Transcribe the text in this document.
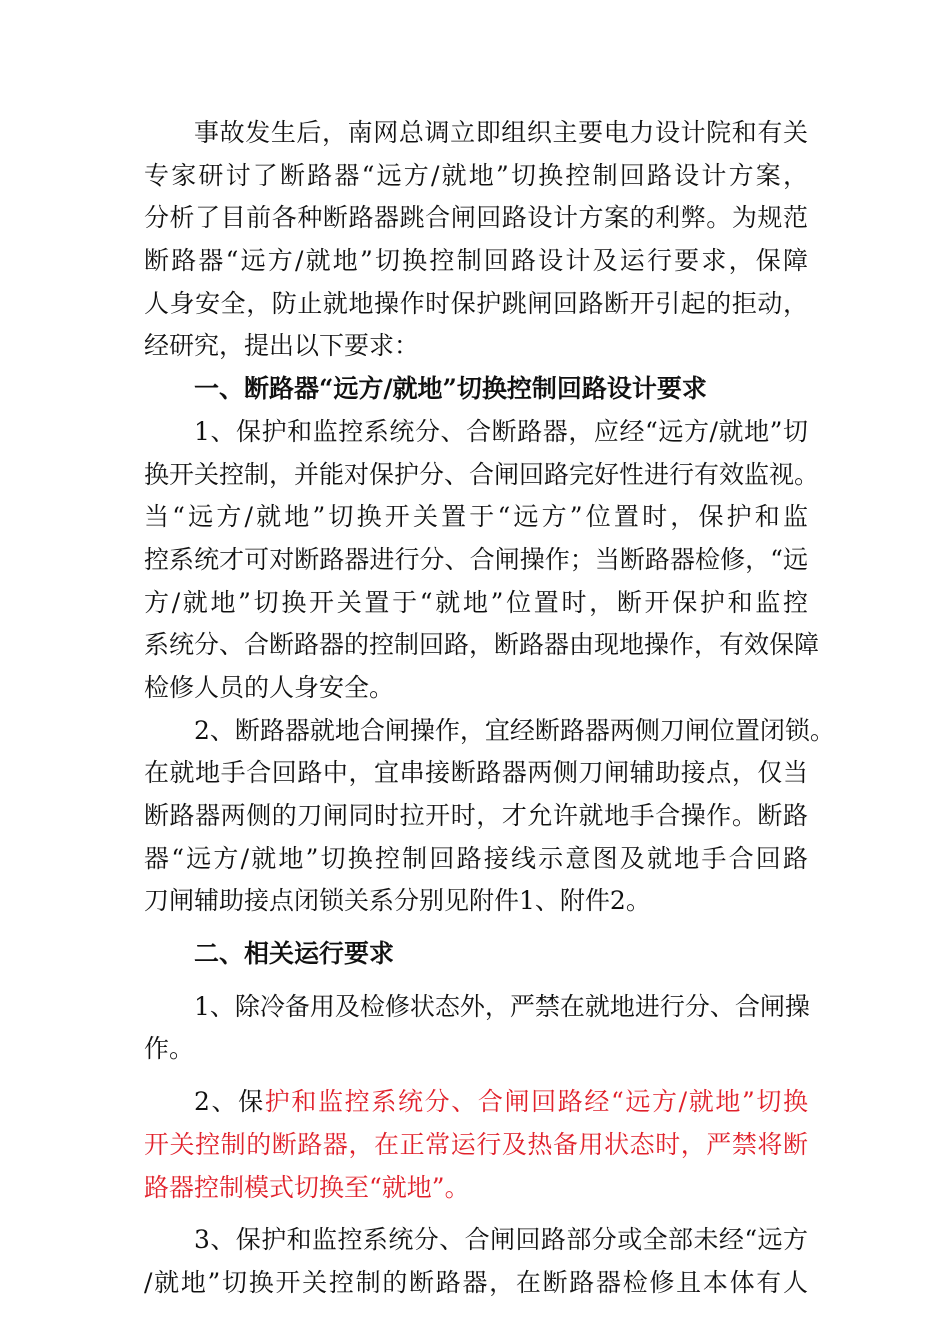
事故发生后，南网总调立即组织主要电力设计院和有关
专家研讨了断路器“远方/就地”切换控制回路设计方案，
分析了目前各种断路器跳合闸回路设计方案的利弊。为规范
断路器“远方/就地”切换控制回路设计及运行要求，保障
人身安全，防止就地操作时保护跳闸回路断开引起的拒动，
经研究，提出以下要求：
一、断路器“远方/就地”切换控制回路设计要求
1、保护和监控系统分、合断路器，应经“远方/就地”切
换开关控制，并能对保护分、合闸回路完好性进行有效监视。
当“远方/就地”切换开关置于“远方”位置时，保护和监
控系统才可对断路器进行分、合闸操作；当断路器检修，“远
方/就地”切换开关置于“就地”位置时，断开保护和监控
系统分、合断路器的控制回路，断路器由现地操作，有效保障
检修人员的人身安全。
2、断路器就地合闸操作，宜经断路器两侧刀闸位置闭锁。
在就地手合回路中，宜串接断路器两侧刀闸辅助接点，仅当
断路器两侧的刀闸同时拉开时，才允许就地手合操作。断路
器“远方/就地”切换控制回路接线示意图及就地手合回路
刀闸辅助接点闭锁关系分别见附件1、附件2。
二、相关运行要求
1、除冷备用及检修状态外，严禁在就地进行分、合闸操
作。
2、保护和监控系统分、合闸回路经“远方/就地”切换
开关控制的断路器，在正常运行及热备用状态时，严禁将断
路器控制模式切换至“就地”。
3、保护和监控系统分、合闸回路部分或全部未经“远方
/就地”切换开关控制的断路器，在断路器检修且本体有人
